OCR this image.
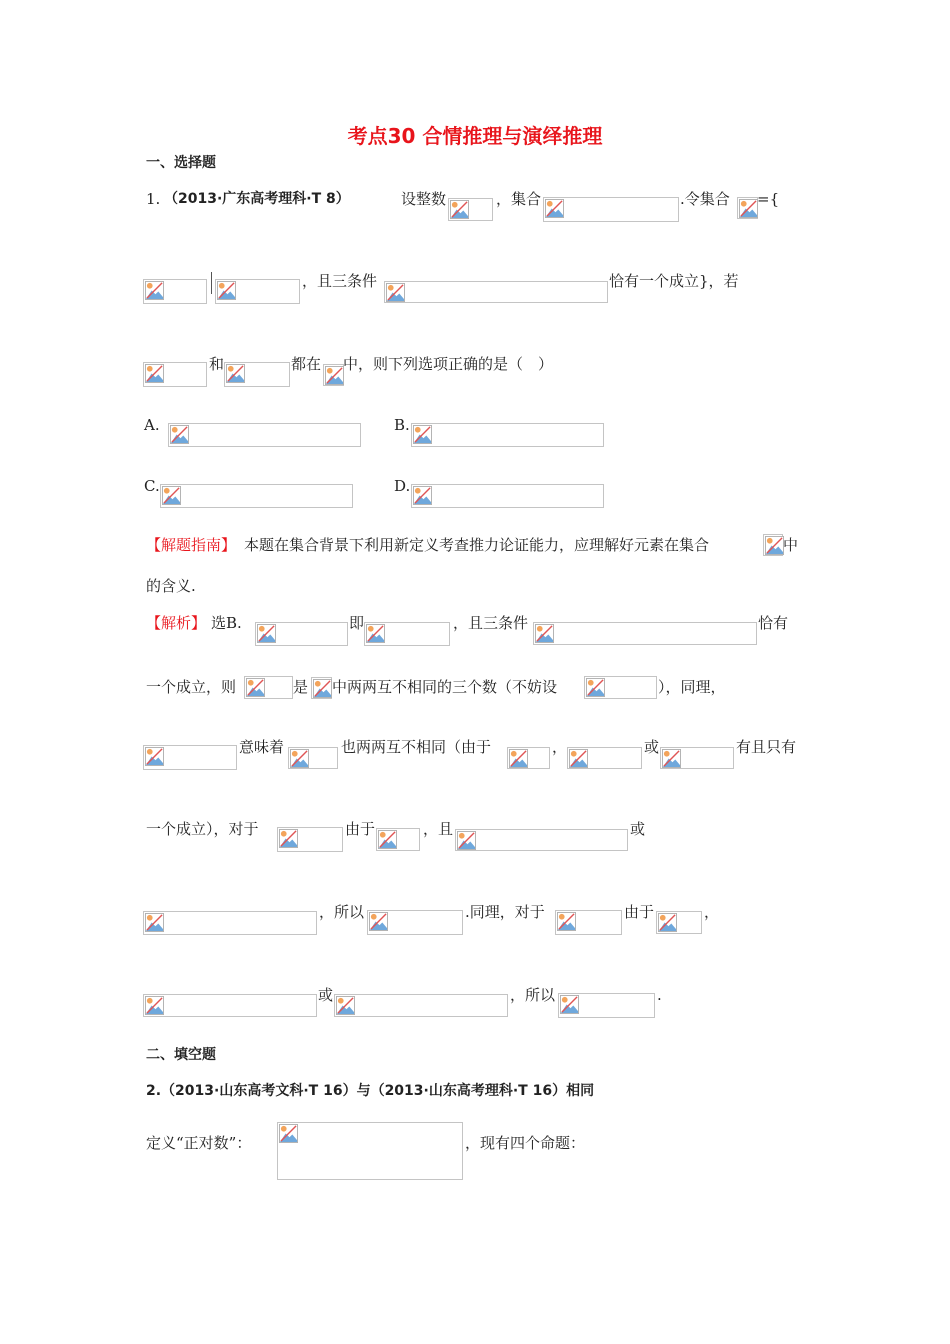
考点30 合情推理与演绎推理
一、选择题
1. （2013·广东高考理科·T 8）	设整数	，集合	.令集合 ={
，且三条件	恰有一个成立}，若
和	都在 中，则下列选项正确的是（　）
A.	B.
C.	D.
【解题指南】 本题在集合背景下利用新定义考查推力论证能力，应理解好元素在集合	中
的含义.
【解析】 选B.	即	，且三条件	恰有
一个成立，则	是 中两两互不相同的三个数（不妨设	），同理，
意味着	也两两互不相同（由于	，	或	有且只有
一个成立），对于	由于	，且	或
，所以	.同理，对于	由于	，
或	，所以	.
二、填空题
2.（2013·山东高考文科·T 16）与（2013·山东高考理科·T 16）相同
定义“正对数”：	，现有四个命题：
